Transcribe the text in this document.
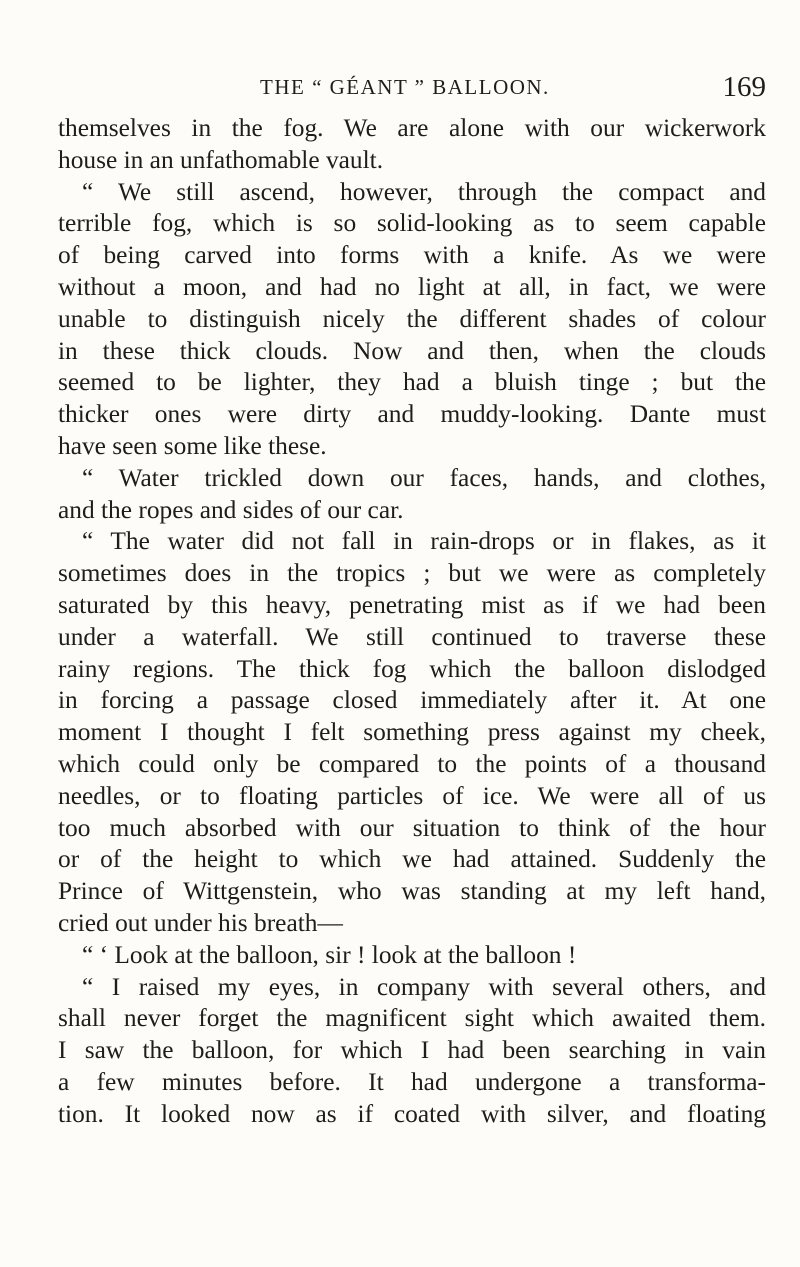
THE “ GÉANT ” BALLOON.	169
themselves in the fog. We are alone with our wickerwork
house in an unfathomable vault.
“ We still ascend, however, through the compact and
terrible fog, which is so solid-looking as to seem capable
of being carved into forms with a knife. As we were
without a moon, and had no light at all, in fact, we were
unable to distinguish nicely the different shades of colour
in these thick clouds. Now and then, when the clouds
seemed to be lighter, they had a bluish tinge ; but the
thicker ones were dirty and muddy-looking. Dante must
have seen some like these.
“ Water trickled down our faces, hands, and clothes,
and the ropes and sides of our car.
“ The water did not fall in rain-drops or in flakes, as it
sometimes does in the tropics ; but we were as completely
saturated by this heavy, penetrating mist as if we had been
under a waterfall. We still continued to traverse these
rainy regions. The thick fog which the balloon dislodged
in forcing a passage closed immediately after it. At one
moment I thought I felt something press against my cheek,
which could only be compared to the points of a thousand
needles, or to floating particles of ice. We were all of us
too much absorbed with our situation to think of the hour
or of the height to which we had attained. Suddenly the
Prince of Wittgenstein, who was standing at my left hand,
cried out under his breath—
“ ‘ Look at the balloon, sir ! look at the balloon !
“ I raised my eyes, in company with several others, and
shall never forget the magnificent sight which awaited them.
I saw the balloon, for which I had been searching in vain
a few minutes before. It had undergone a transforma-
tion. It looked now as if coated with silver, and floating
